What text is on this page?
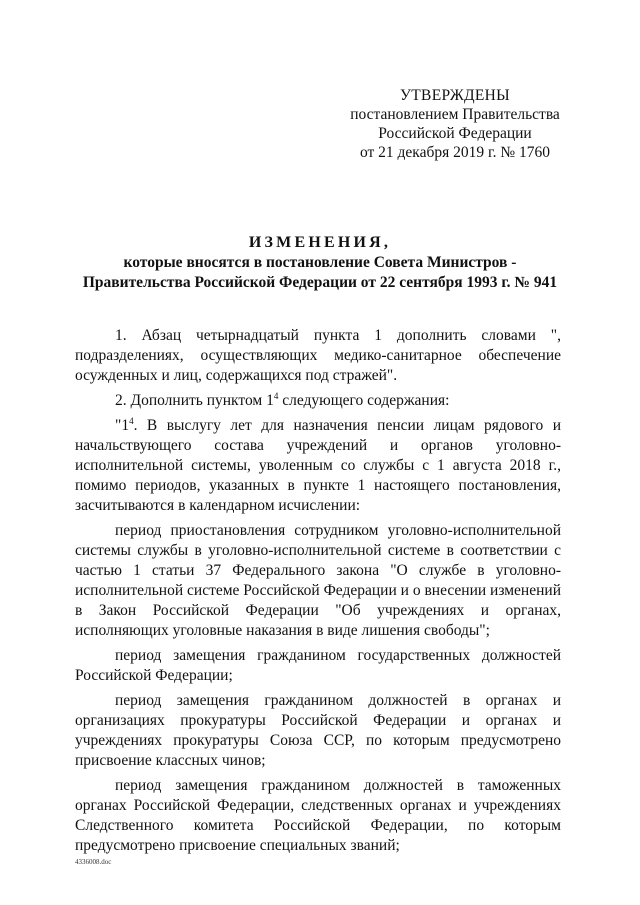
УТВЕРЖДЕНЫ
постановлением Правительства
Российской Федерации
от 21 декабря 2019 г. № 1760
ИЗМЕНЕНИЯ,
которые вносятся в постановление Совета Министров -
Правительства Российской Федерации от 22 сентября 1993 г. № 941

1. Абзац четырнадцатый пункта 1 дополнить словами ", подразделениях, осуществляющих медико-санитарное обеспечение осужденных и лиц, содержащихся под стражей".

2. Дополнить пунктом $1^4$ следующего содержания:

"$1^4$. В выслугу лет для назначения пенсии лицам рядового и начальствующего состава учреждений и органов уголовно-исполнительной системы, уволенным со службы с 1 августа 2018 г., помимо периодов, указанных в пункте 1 настоящего постановления, засчитываются в календарном исчислении:

период приостановления сотрудником уголовно-исполнительной системы службы в уголовно-исполнительной системе в соответствии с частью 1 статьи 37 Федерального закона "О службе в уголовно-исполнительной системе Российской Федерации и о внесении изменений в Закон Российской Федерации "Об учреждениях и органах, исполняющих уголовные наказания в виде лишения свободы";

период замещения гражданином государственных должностей Российской Федерации;

период замещения гражданином должностей в органах и организациях прокуратуры Российской Федерации и органах и учреждениях прокуратуры Союза ССР, по которым предусмотрено присвоение классных чинов;

период замещения гражданином должностей в таможенных органах Российской Федерации, следственных органах и учреждениях Следственного комитета Российской Федерации, по которым предусмотрено присвоение специальных званий;

4336008.doc
